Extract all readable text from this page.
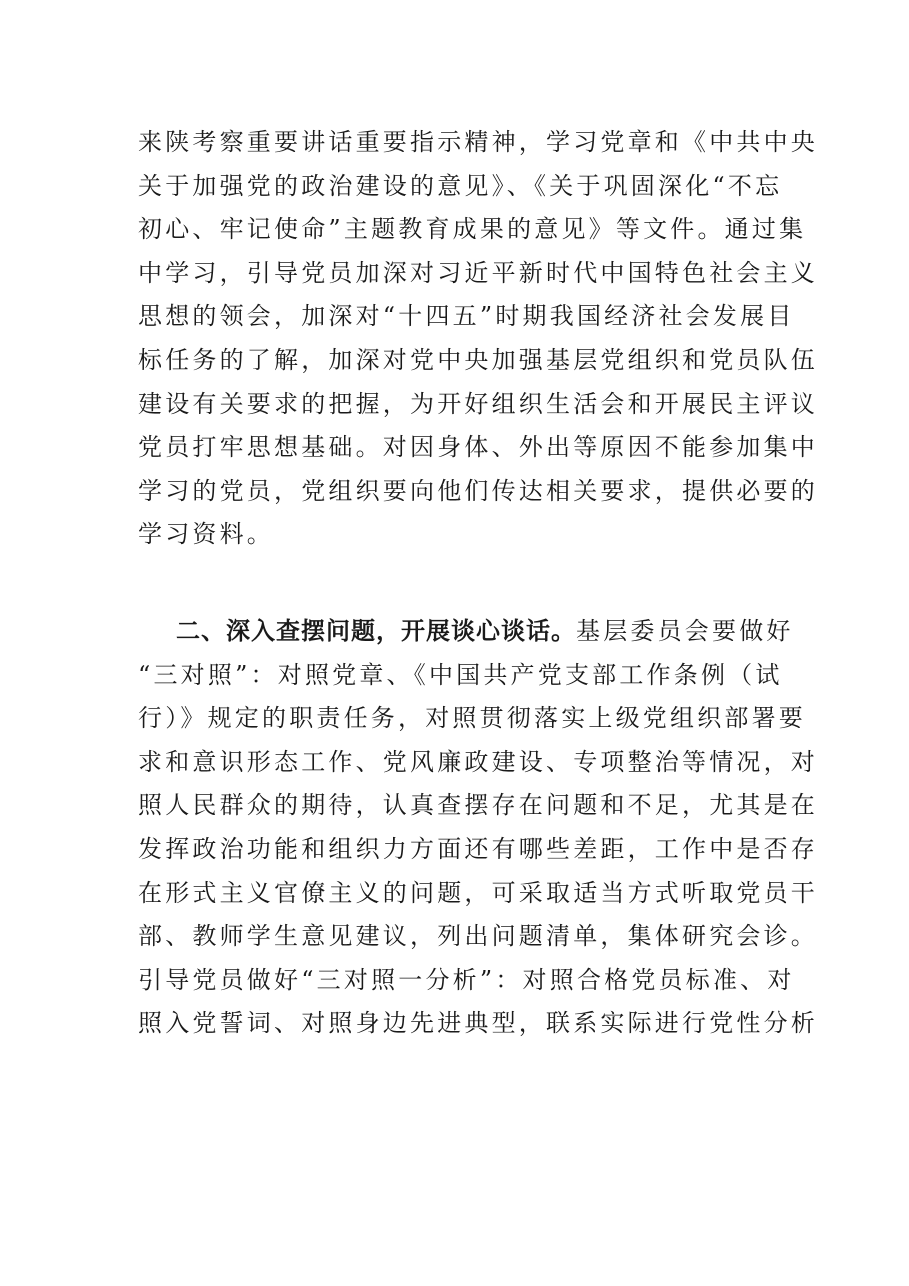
来陕考察重要讲话重要指示精神，学习党章和《中共中央
关于加强党的政治建设的意见》、《关于巩固深化“不忘
初心、牢记使命”主题教育成果的意见》等文件。通过集
中学习，引导党员加深对习近平新时代中国特色社会主义
思想的领会，加深对“十四五”时期我国经济社会发展目
标任务的了解，加深对党中央加强基层党组织和党员队伍
建设有关要求的把握，为开好组织生活会和开展民主评议
党员打牢思想基础。对因身体、外出等原因不能参加集中
学习的党员，党组织要向他们传达相关要求，提供必要的
学习资料。
二、深入查摆问题，开展谈心谈话。基层委员会要做好
“三对照”：对照党章、《中国共产党支部工作条例（试
行）》规定的职责任务，对照贯彻落实上级党组织部署要
求和意识形态工作、党风廉政建设、专项整治等情况，对
照人民群众的期待，认真查摆存在问题和不足，尤其是在
发挥政治功能和组织力方面还有哪些差距，工作中是否存
在形式主义官僚主义的问题，可采取适当方式听取党员干
部、教师学生意见建议，列出问题清单，集体研究会诊。
引导党员做好“三对照一分析”：对照合格党员标准、对
照入党誓词、对照身边先进典型，联系实际进行党性分析
